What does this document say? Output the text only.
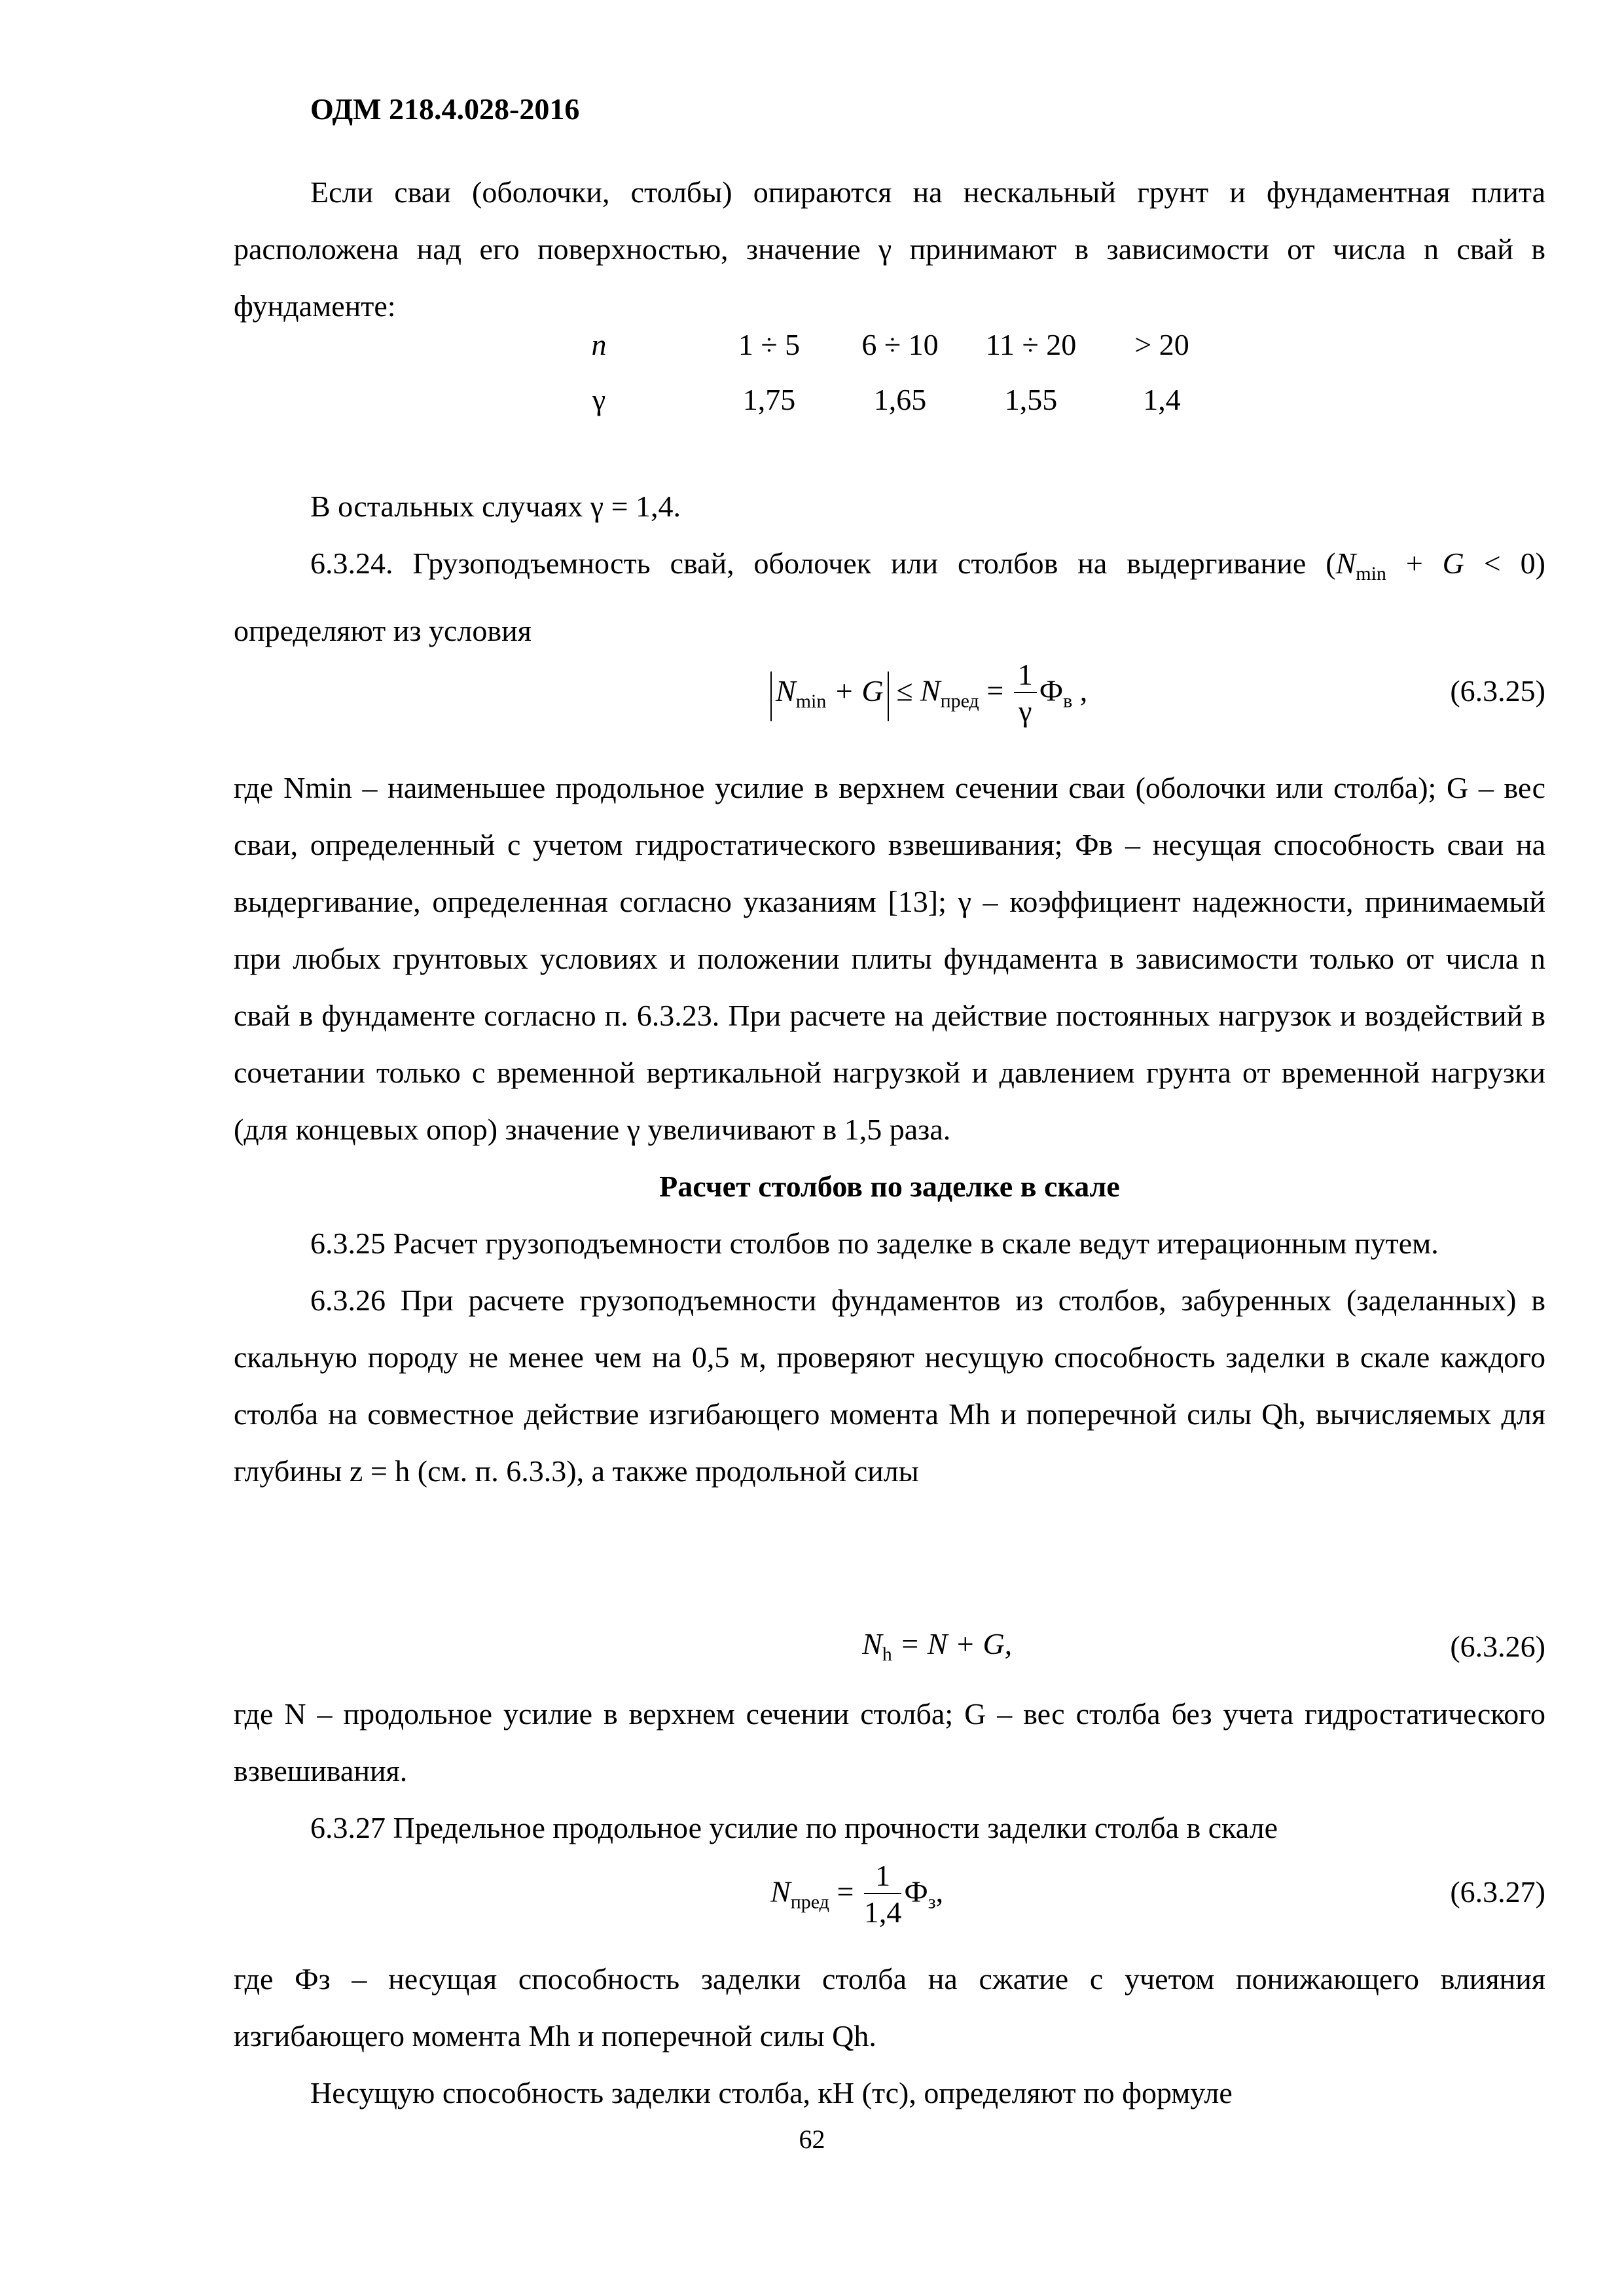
ОДМ 218.4.028-2016

Если сваи (оболочки, столбы) опираются на нескальный грунт и фундаментная плита расположена над его поверхностью, значение γ принимают в зависимости от числа n свай в фундаменте:

n	1 ÷ 5	6 ÷ 10	11 ÷ 20	> 20
γ	1,75	1,65	1,55	1,4

В остальных случаях γ = 1,4.

6.3.24. Грузоподъемность свай, оболочек или столбов на выдергивание $(N_{min} + G < 0)$ определяют из условия

$N_{min} + G \le N_{пред} = \frac{1}{\gamma} Ф_в$ ,	(6.3.25)

где Nmin – наименьшее продольное усилие в верхнем сечении сваи (оболочки или столба); G – вес сваи, определенный с учетом гидростатического взвешивания; Фв – несущая способность сваи на выдергивание, определенная согласно указаниям [13]; γ – коэффициент надежности, принимаемый при любых грунтовых условиях и положении плиты фундамента в зависимости только от числа n свай в фундаменте согласно п. 6.3.23. При расчете на действие постоянных нагрузок и воздействий в сочетании только с временной вертикальной нагрузкой и давлением грунта от временной нагрузки (для концевых опор) значение γ увеличивают в 1,5 раза.

Расчет столбов по заделке в скале

6.3.25 Расчет грузоподъемности столбов по заделке в скале ведут итерационным путем.

6.3.26 При расчете грузоподъемности фундаментов из столбов, забуренных (заделанных) в скальную породу не менее чем на 0,5 м, проверяют несущую способность заделки в скале каждого столба на совместное действие изгибающего момента Mh и поперечной силы Qh, вычисляемых для глубины z = h (см. п. 6.3.3), а также продольной силы

$N_h = N + G$,	(6.3.26)

где N – продольное усилие в верхнем сечении столба; G – вес столба без учета гидростатического взвешивания.

6.3.27 Предельное продольное усилие по прочности заделки столба в скале

$N_{пред} = \frac{1}{1,4} Ф_з$,	(6.3.27)

где Фз – несущая способность заделки столба на сжатие с учетом понижающего влияния изгибающего момента Mh и поперечной силы Qh.

Несущую способность заделки столба, кН (тс), определяют по формуле

62
